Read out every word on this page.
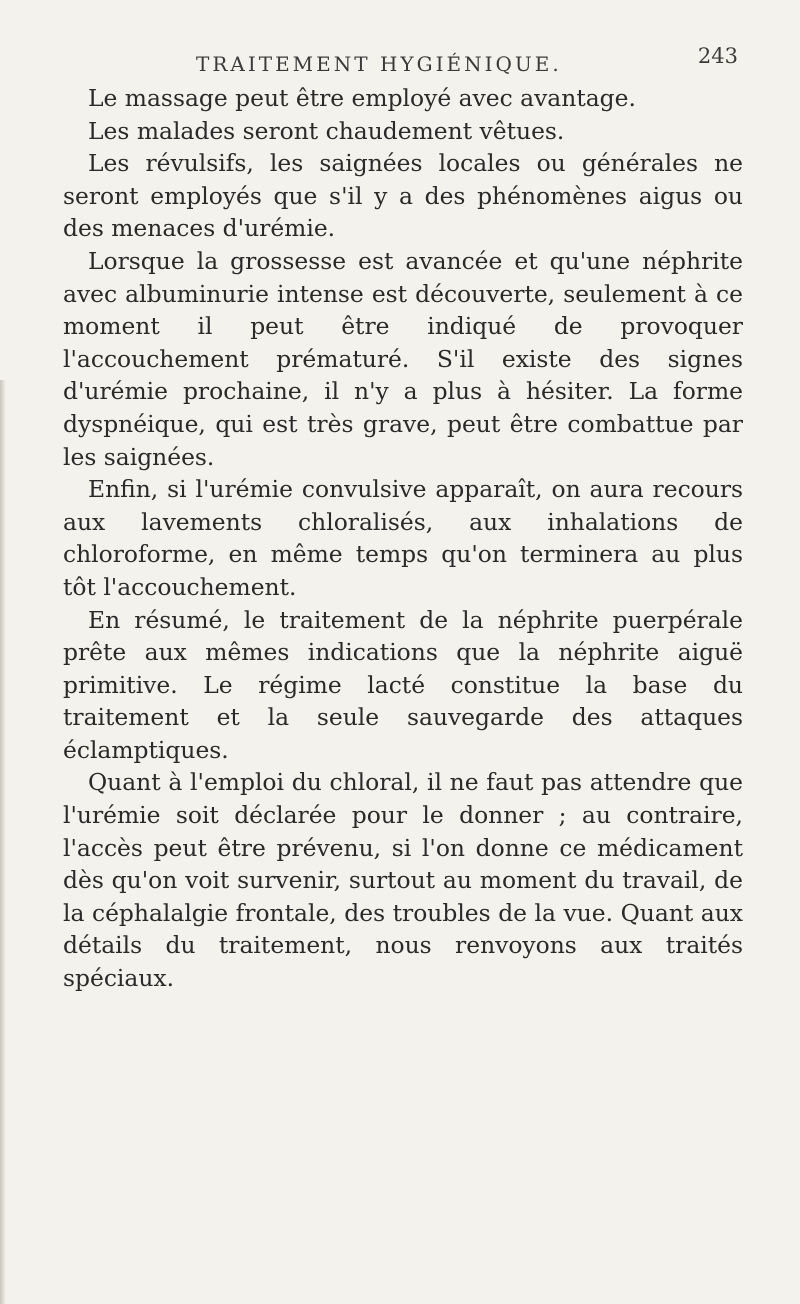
TRAITEMENT HYGIÉNIQUE.	243

Le massage peut être employé avec avantage.

Les malades seront chaudement vêtues.

Les révulsifs, les saignées locales ou générales ne seront employés que s'il y a des phénomènes aigus ou des menaces d'urémie.

Lorsque la grossesse est avancée et qu'une néphrite avec albuminurie intense est découverte, seulement à ce moment il peut être indiqué de provoquer l'accouchement prématuré. S'il existe des signes d'urémie prochaine, il n'y a plus à hésiter. La forme dyspnéique, qui est très grave, peut être combattue par les saignées.

Enfin, si l'urémie convulsive apparaît, on aura recours aux lavements chloralisés, aux inhalations de chloroforme, en même temps qu'on terminera au plus tôt l'accouchement.

En résumé, le traitement de la néphrite puerpérale prête aux mêmes indications que la néphrite aiguë primitive. Le régime lacté constitue la base du traitement et la seule sauvegarde des attaques éclamptiques.

Quant à l'emploi du chloral, il ne faut pas attendre que l'urémie soit déclarée pour le donner ; au contraire, l'accès peut être prévenu, si l'on donne ce médicament dès qu'on voit survenir, surtout au moment du travail, de la céphalalgie frontale, des troubles de la vue. Quant aux détails du traitement, nous renvoyons aux traités spéciaux.
